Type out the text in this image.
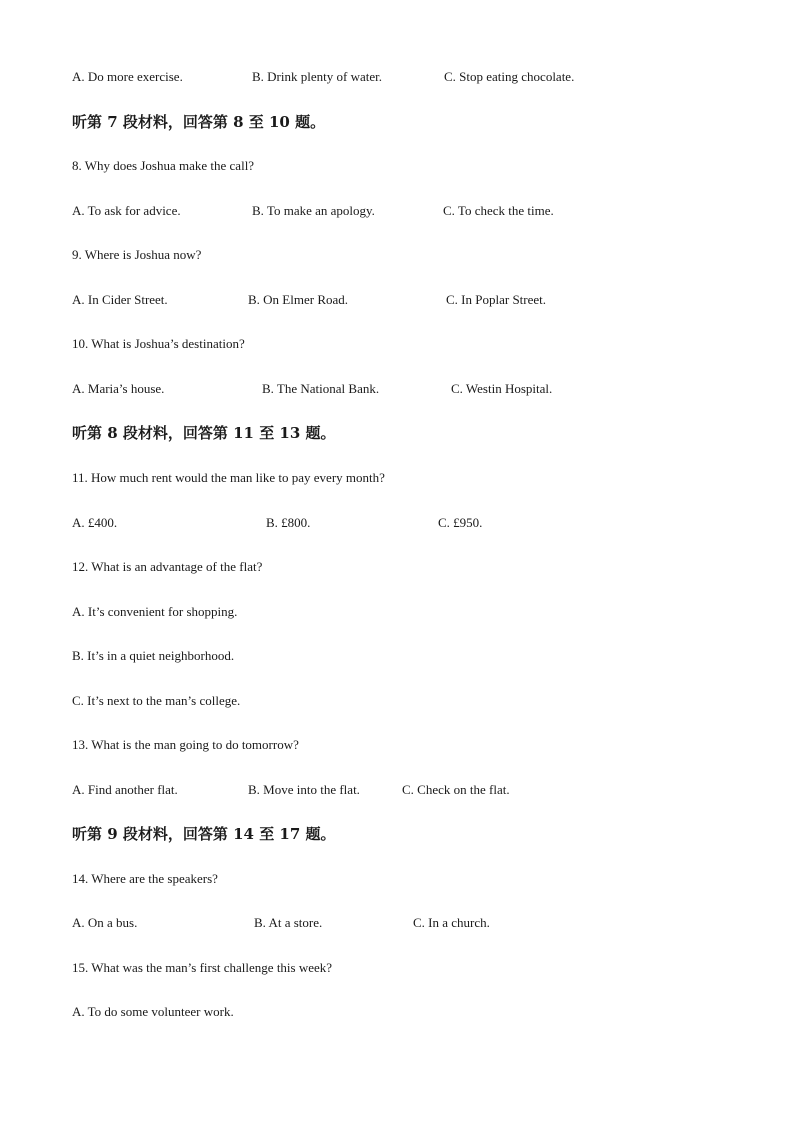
A. Do more exercise.	B. Drink plenty of water.	C. Stop eating chocolate.
听第 7 段材料，回答第 8 至 10 题。
8. Why does Joshua make the call?
A. To ask for advice.	B. To make an apology.	C. To check the time.
9. Where is Joshua now?
A. In Cider Street.	B. On Elmer Road.	C. In Poplar Street.
10. What is Joshua’s destination?
A. Maria’s house.	B. The National Bank.	C. Westin Hospital.
听第 8 段材料，回答第 11 至 13 题。
11. How much rent would the man like to pay every month?
A. £400.	B. £800.	C. £950.
12. What is an advantage of the flat?
A. It’s convenient for shopping.
B. It’s in a quiet neighborhood.
C. It’s next to the man’s college.
13. What is the man going to do tomorrow?
A. Find another flat.	B. Move into the flat.	C. Check on the flat.
听第 9 段材料，回答第 14 至 17 题。
14. Where are the speakers?
A. On a bus.	B. At a store.	C. In a church.
15. What was the man’s first challenge this week?
A. To do some volunteer work.
